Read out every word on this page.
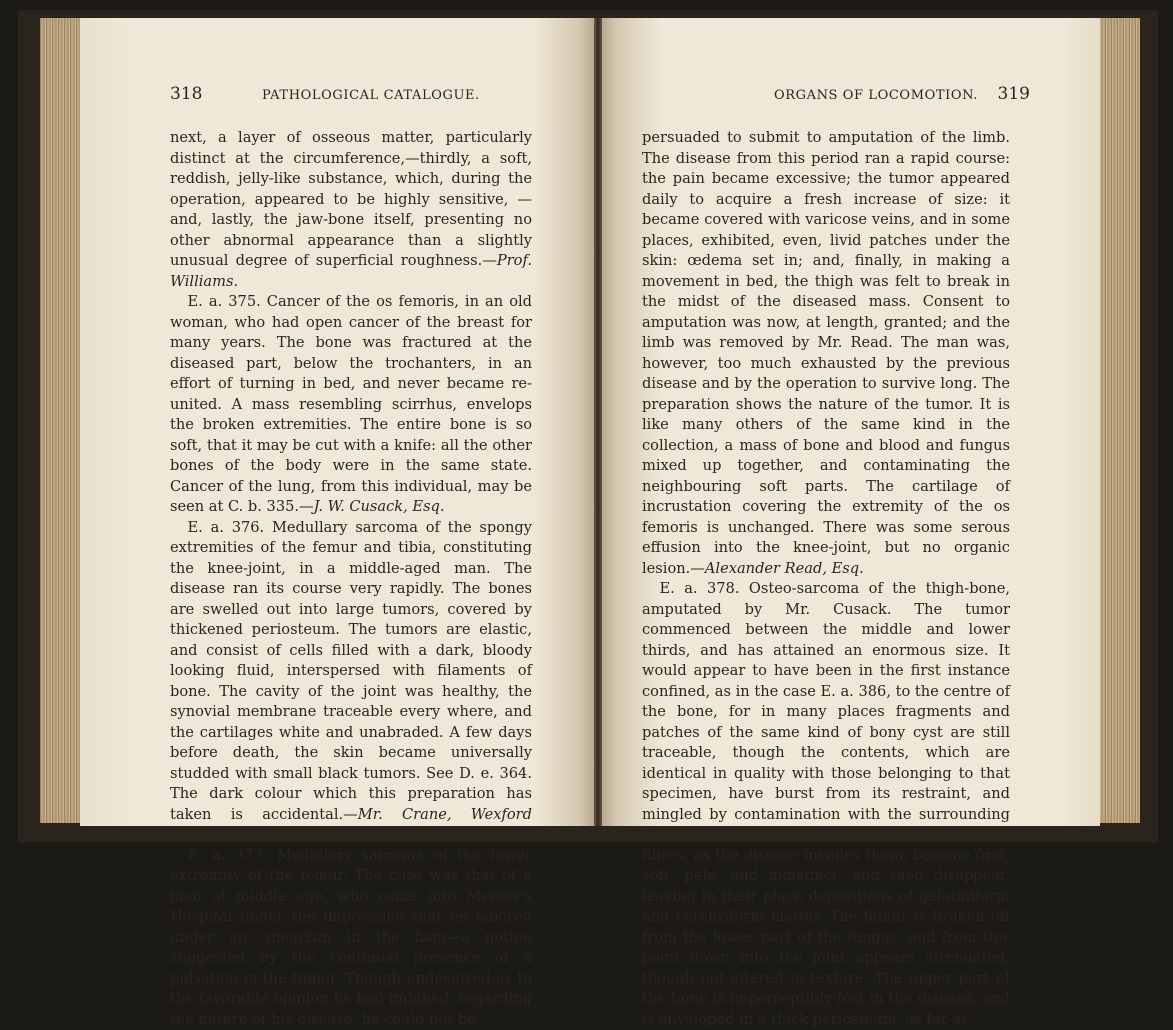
318	PATHOLOGICAL CATALOGUE.

next, a layer of osseous matter, particularly distinct at the circumference,—thirdly, a soft, reddish, jelly-like substance, which, during the operation, appeared to be highly sensitive, —and, lastly, the jaw-bone itself, presenting no other abnormal appearance than a slightly unusual degree of superficial roughness.—Prof. Williams.

E. a. 375. Cancer of the os femoris, in an old woman, who had open cancer of the breast for many years. The bone was fractured at the diseased part, below the trochanters, in an effort of turning in bed, and never became re-united. A mass resembling scirrhus, envelops the broken extremities. The entire bone is so soft, that it may be cut with a knife: all the other bones of the body were in the same state. Cancer of the lung, from this individual, may be seen at C. b. 335.—J. W. Cusack, Esq.

E. a. 376. Medullary sarcoma of the spongy extremities of the femur and tibia, constituting the knee-joint, in a middle-aged man. The disease ran its course very rapidly. The bones are swelled out into large tumors, covered by thickened periosteum. The tumors are elastic, and consist of cells filled with a dark, bloody looking fluid, interspersed with filaments of bone. The cavity of the joint was healthy, the synovial membrane traceable every where, and the cartilages white and unabraded. A few days before death, the skin became universally studded with small black tumors. See D. e. 364. The dark colour which this preparation has taken is accidental.—Mr. Crane, Wexford Infirmary.

E. a. 377. Medullary sarcoma of the lower extremity of the femur. The case was that of a man of middle age, who came into Mercer's Hospital under the impression that he labored under an aneurism in the ham—a notion suggested by the continual presence of a pulsation in the tumor. Though undeceived as to the favorable opinion he had imbibed, regarding the nature of his disease, he could not be

ORGANS OF LOCOMOTION. 319

persuaded to submit to amputation of the limb. The disease from this period ran a rapid course: the pain became excessive; the tumor appeared daily to acquire a fresh increase of size: it became covered with varicose veins, and in some places, exhibited, even, livid patches under the skin: œdema set in; and, finally, in making a movement in bed, the thigh was felt to break in the midst of the diseased mass. Consent to amputation was now, at length, granted; and the limb was removed by Mr. Read. The man was, however, too much exhausted by the previous disease and by the operation to survive long. The preparation shows the nature of the tumor. It is like many others of the same kind in the collection, a mass of bone and blood and fungus mixed up together, and contaminating the neighbouring soft parts. The cartilage of incrustation covering the extremity of the os femoris is unchanged. There was some serous effusion into the knee-joint, but no organic lesion.—Alexander Read, Esq.

E. a. 378. Osteo-sarcoma of the thigh-bone, amputated by Mr. Cusack. The tumor commenced between the middle and lower thirds, and has attained an enormous size. It would appear to have been in the first instance confined, as in the case E. a. 386, to the centre of the bone, for in many places fragments and patches of the same kind of bony cyst are still traceable, though the contents, which are identical in quality with those belonging to that specimen, have burst from its restraint, and mingled by contamination with the surrounding muscular and other textures. The muscular fibres, as the disease invades them, become first, soft, pale, and indistinct, and then disappear, leaving in their place depositions of gelatiniform and cerebriform matter. The femur is broken off from the lower part of the fungus, and from this point down into the joint appears attenuated, though not altered in texture. The upper part of the bone is imperceptibly lost in the disease, and is enveloped in a thick periosteum, as far as
